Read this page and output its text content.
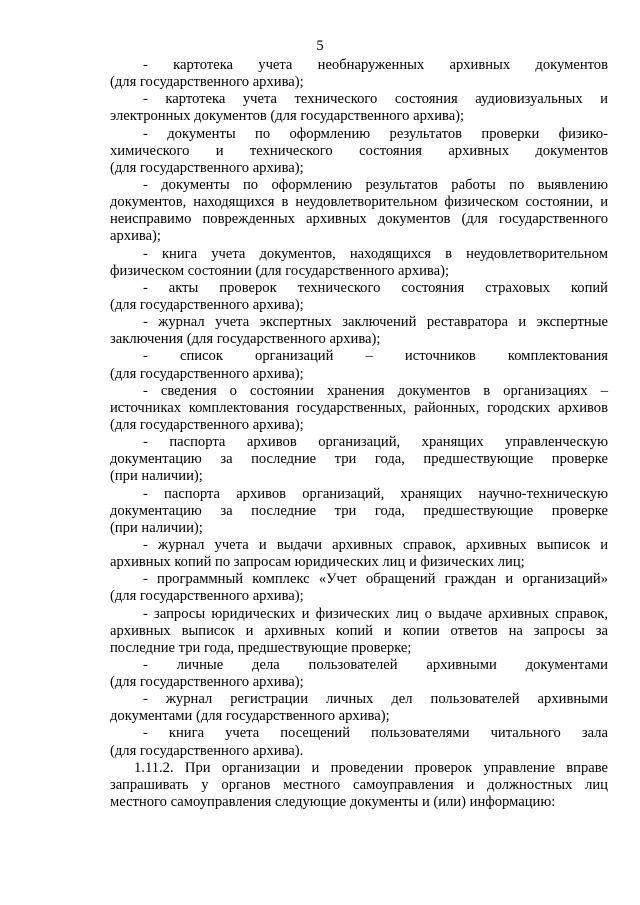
5
- картотека учета необнаруженных архивных документов
(для государственного архива);
- картотека учета технического состояния аудиовизуальных и
электронных документов (для государственного архива);
- документы по оформлению результатов проверки физико-
химического и технического состояния архивных документов
(для государственного архива);
- документы по оформлению результатов работы по выявлению
документов, находящихся в неудовлетворительном физическом состоянии, и
неисправимо поврежденных архивных документов (для государственного
архива);
- книга учета документов, находящихся в неудовлетворительном
физическом состоянии (для государственного архива);
- акты проверок технического состояния страховых копий
(для государственного архива);
- журнал учета экспертных заключений реставратора и экспертные
заключения (для государственного архива);
- список организаций – источников комплектования
(для государственного архива);
- сведения о состоянии хранения документов в организациях –
источниках комплектования государственных, районных, городских архивов
(для государственного архива);
- паспорта архивов организаций, хранящих управленческую
документацию за последние три года, предшествующие проверке
(при наличии);
- паспорта архивов организаций, хранящих научно-техническую
документацию за последние три года, предшествующие проверке
(при наличии);
- журнал учета и выдачи архивных справок, архивных выписок и
архивных копий по запросам юридических лиц и физических лиц;
- программный комплекс «Учет обращений граждан и организаций»
(для государственного архива);
- запросы юридических и физических лиц о выдаче архивных справок,
архивных выписок и архивных копий и копии ответов на запросы за
последние три года, предшествующие проверке;
- личные дела пользователей архивными документами
(для государственного архива);
- журнал регистрации личных дел пользователей архивными
документами (для государственного архива);
- книга учета посещений пользователями читального зала
(для государственного архива).
1.11.2. При организации и проведении проверок управление вправе
запрашивать у органов местного самоуправления и должностных лиц
местного самоуправления следующие документы и (или) информацию:
